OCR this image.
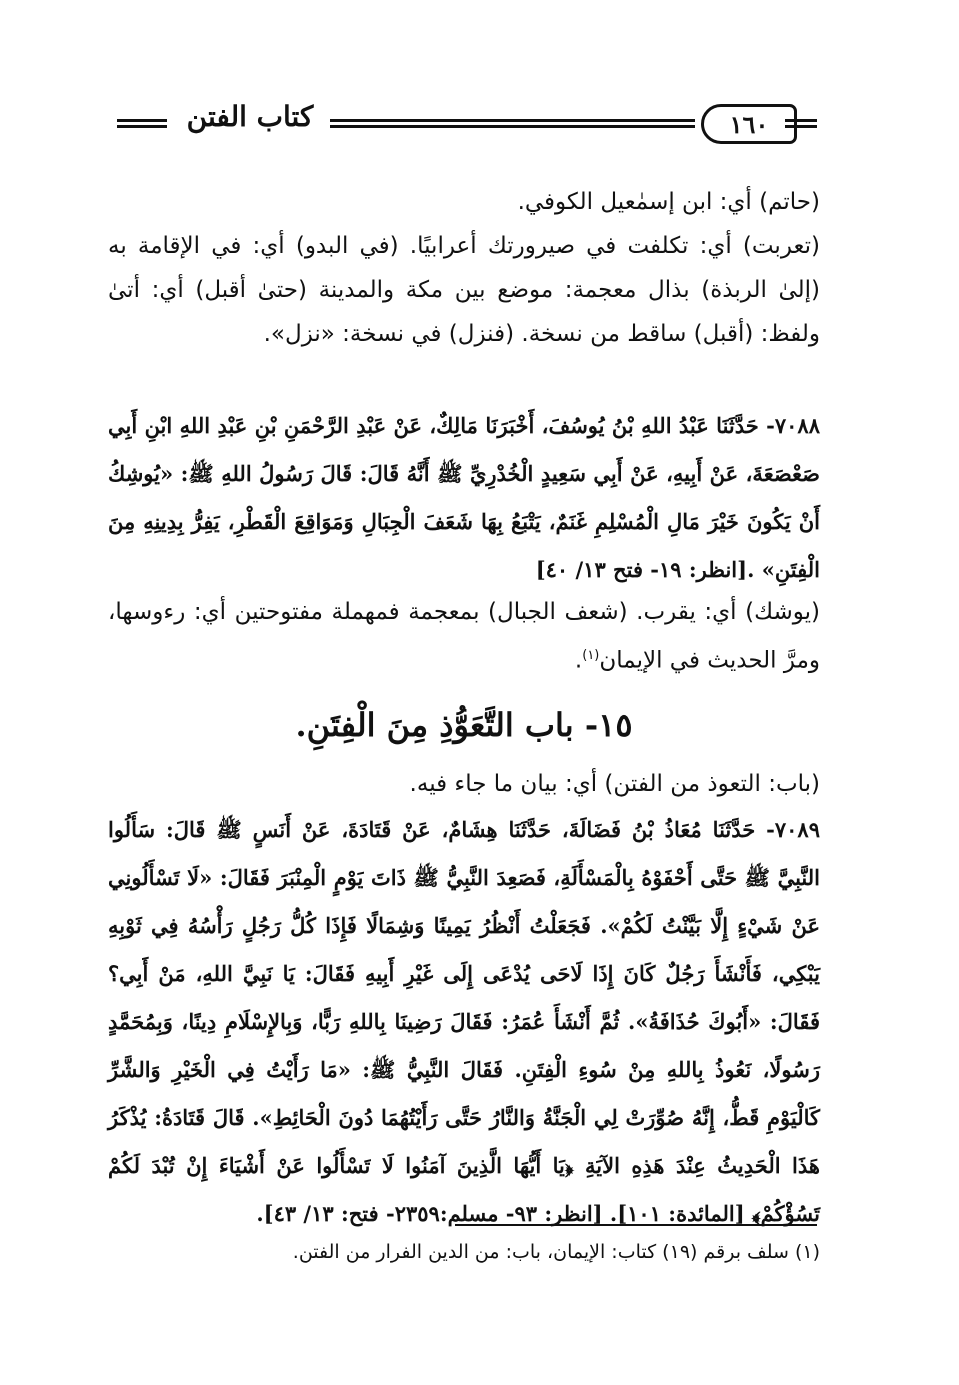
كتاب الفتن	١٦٠
(حاتم) أي: ابن إسمٰعيل الكوفي.
(تعربت) أي: تكلفت في صيرورتك أعرابيًا. (في البدو) أي: في الإقامة به (إلىٰ الربذة) بذال معجمة: موضع بين مكة والمدينة (حتىٰ أقبل) أي: أتىٰ ولفظ: (أقبل) ساقط من نسخة. (فنزل) في نسخة: «نزل».
٧٠٨٨- حَدَّثَنَا عَبْدُ اللهِ بْنُ يُوسُفَ، أَخْبَرَنَا مَالِكٌ، عَنْ عَبْدِ الرَّحْمَنِ بْنِ عَبْدِ اللهِ ابْنِ أَبِي صَعْصَعَةَ، عَنْ أَبِيهِ، عَنْ أَبِي سَعِيدٍ الْخُدْرِيِّ ﷺ أَنَّهُ قَالَ: قَالَ رَسُولُ اللهِ ﷺ: «يُوشِكُ أَنْ يَكُونَ خَيْرَ مَالِ الْمُسْلِمِ غَنَمٌ، يَتْبَعُ بِهَا شَعَفَ الْجِبَالِ وَمَوَاقِعَ الْقَطْرِ، يَفِرُّ بِدِينِهِ مِنَ الْفِتَنِ» .[انظر: ١٩- فتح ١٣/ ٤٠]
(يوشك) أي: يقرب. (شعف الجبال) بمعجمة فمهملة مفتوحتين أي: رءوسها، ومرَّ الحديث في الإيمان$^{(١)}$.
١٥- باب التَّعَوُّذِ مِنَ الْفِتَنِ.
(باب: التعوذ من الفتن) أي: بيان ما جاء فيه.
٧٠٨٩- حَدَّثَنَا مُعَاذُ بْنُ فَضَالَةَ، حَدَّثَنَا هِشَامٌ، عَنْ قَتَادَةَ، عَنْ أَنَسٍ ﷺ قَالَ: سَأَلُوا النَّبِيَّ ﷺ حَتَّى أَحْفَوْهُ بِالْمَسْأَلَةِ، فَصَعِدَ النَّبِيُّ ﷺ ذَاتَ يَوْمٍ الْمِنْبَرَ فَقَالَ: «لَا تَسْأَلُونِي عَنْ شَيْءٍ إِلَّا بَيَّنْتُ لَكُمْ». فَجَعَلْتُ أَنْظُرُ يَمِينًا وَشِمَالًا فَإِذَا كُلُّ رَجُلٍ رَأْسُهُ فِي ثَوْبِهِ يَبْكِي، فَأَنْشَأَ رَجُلٌ كَانَ إِذَا لَاحَى يُدْعَى إِلَى غَيْرِ أَبِيهِ فَقَالَ: يَا نَبِيَّ اللهِ، مَنْ أَبِي؟ فَقَالَ: «أَبُوكَ حُذَافَةُ». ثُمَّ أَنْشَأَ عُمَرُ: فَقَالَ رَضِينَا بِاللهِ رَبًّا، وَبِالإِسْلَامِ دِينًا، وَبِمُحَمَّدٍ رَسُولًا، نَعُوذُ بِاللهِ مِنْ سُوءِ الْفِتَنِ. فَقَالَ النَّبِيُّ ﷺ: «مَا رَأَيْتُ فِي الْخَيْرِ وَالشَّرِّ كَالْيَوْمِ قَطُّ، إِنَّهُ صُوِّرَتْ لِي الْجَنَّةُ وَالنَّارُ حَتَّى رَأَيْتُهُمَا دُونَ الْحَائِطِ». قَالَ قَتَادَةُ: يُذْكَرُ هَذَا الْحَدِيثُ عِنْدَ هَذِهِ الآيَةِ ﴿يَا أَيُّهَا الَّذِينَ آمَنُوا لَا تَسْأَلُوا عَنْ أَشْيَاءَ إِنْ تُبْدَ لَكُمْ تَسُؤْكُمْ﴾ [المائدة: ١٠١]. [انظر: ٩٣- مسلم:٢٣٥٩- فتح: ١٣/ ٤٣].
(١) سلف برقم (١٩) كتاب: الإيمان، باب: من الدين الفرار من الفتن.
